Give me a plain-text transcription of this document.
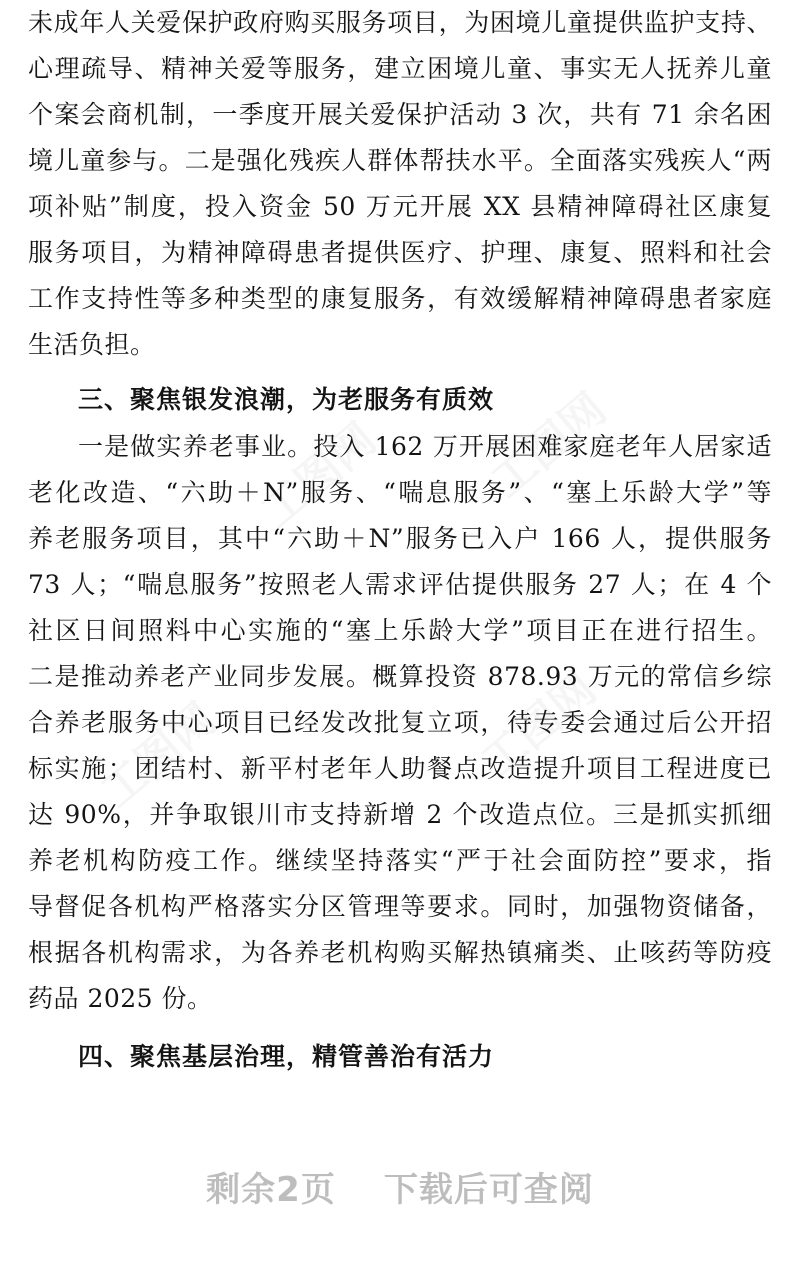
工图网 工图网
工图网	工图网
未成年人关爱保护政府购买服务项目，为困境儿童提供监护支持、
心理疏导、精神关爱等服务，建立困境儿童、事实无人抚养儿童
个案会商机制，一季度开展关爱保护活动 3 次，共有 71 余名困
境儿童参与。二是强化残疾人群体帮扶水平。全面落实残疾人“两
项补贴”制度，投入资金 50 万元开展 XX 县精神障碍社区康复
服务项目，为精神障碍患者提供医疗、护理、康复、照料和社会
工作支持性等多种类型的康复服务，有效缓解精神障碍患者家庭
生活负担。
三、聚焦银发浪潮，为老服务有质效
一是做实养老事业。投入 162 万开展困难家庭老年人居家适
老化改造、“六助＋N”服务、“喘息服务”、“塞上乐龄大学”等
养老服务项目，其中“六助＋N”服务已入户 166 人，提供服务
73 人；“喘息服务”按照老人需求评估提供服务 27 人；在 4 个
社区日间照料中心实施的“塞上乐龄大学”项目正在进行招生。
二是推动养老产业同步发展。概算投资 878.93 万元的常信乡综
合养老服务中心项目已经发改批复立项，待专委会通过后公开招
标实施；团结村、新平村老年人助餐点改造提升项目工程进度已
达 90%，并争取银川市支持新增 2 个改造点位。三是抓实抓细
养老机构防疫工作。继续坚持落实“严于社会面防控”要求，指
导督促各机构严格落实分区管理等要求。同时，加强物资储备，
根据各机构需求，为各养老机构购买解热镇痛类、止咳药等防疫
药品 2025 份。
四、聚焦基层治理，精管善治有活力
剩余2页 下载后可查阅
